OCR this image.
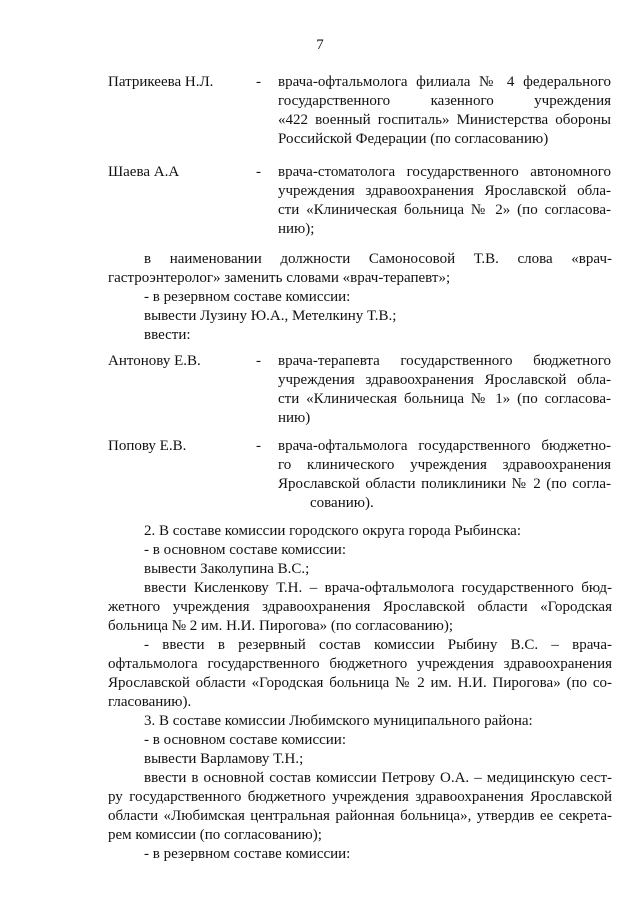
7
Патрикеева Н.Л.	- врача-офтальмолога филиала № 4 федерального
государственного казенного учреждения
«422 военный госпиталь» Министерства обороны
Российской Федерации (по согласованию)
Шаева А.А	- врача-стоматолога государственного автономного
учреждения здравоохранения Ярославской обла-
сти «Клиническая больница № 2» (по согласова-
нию);
в наименовании должности Самоносовой Т.В. слова «врач-
гастроэнтеролог» заменить словами «врач-терапевт»;
- в резервном составе комиссии:
вывести Лузину Ю.А., Метелкину Т.В.;
ввести:
Антонову Е.В.	- врача-терапевта государственного бюджетного
учреждения здравоохранения Ярославской обла-
сти «Клиническая больница № 1» (по согласова-
нию)
Попову Е.В.	- врача-офтальмолога государственного бюджетно-
го клинического учреждения здравоохранения
Ярославской области поликлиники № 2 (по согла-
сованию).
2. В составе комиссии городского округа города Рыбинска:
- в основном составе комиссии:
вывести Заколупина В.С.;
ввести Кисленкову Т.Н. – врача-офтальмолога государственного бюд-
жетного учреждения здравоохранения Ярославской области «Городская
больница № 2 им. Н.И. Пирогова» (по согласованию);
- ввести в резервный состав комиссии Рыбину В.С. – врача-
офтальмолога государственного бюджетного учреждения здравоохранения
Ярославской области «Городская больница № 2 им. Н.И. Пирогова» (по со-
гласованию).
3. В составе комиссии Любимского муниципального района:
- в основном составе комиссии:
вывести Варламову Т.Н.;
ввести в основной состав комиссии Петрову О.А. – медицинскую сест-
ру государственного бюджетного учреждения здравоохранения Ярославской
области «Любимская центральная районная больница», утвердив ее секрета-
рем комиссии (по согласованию);
- в резервном составе комиссии:
